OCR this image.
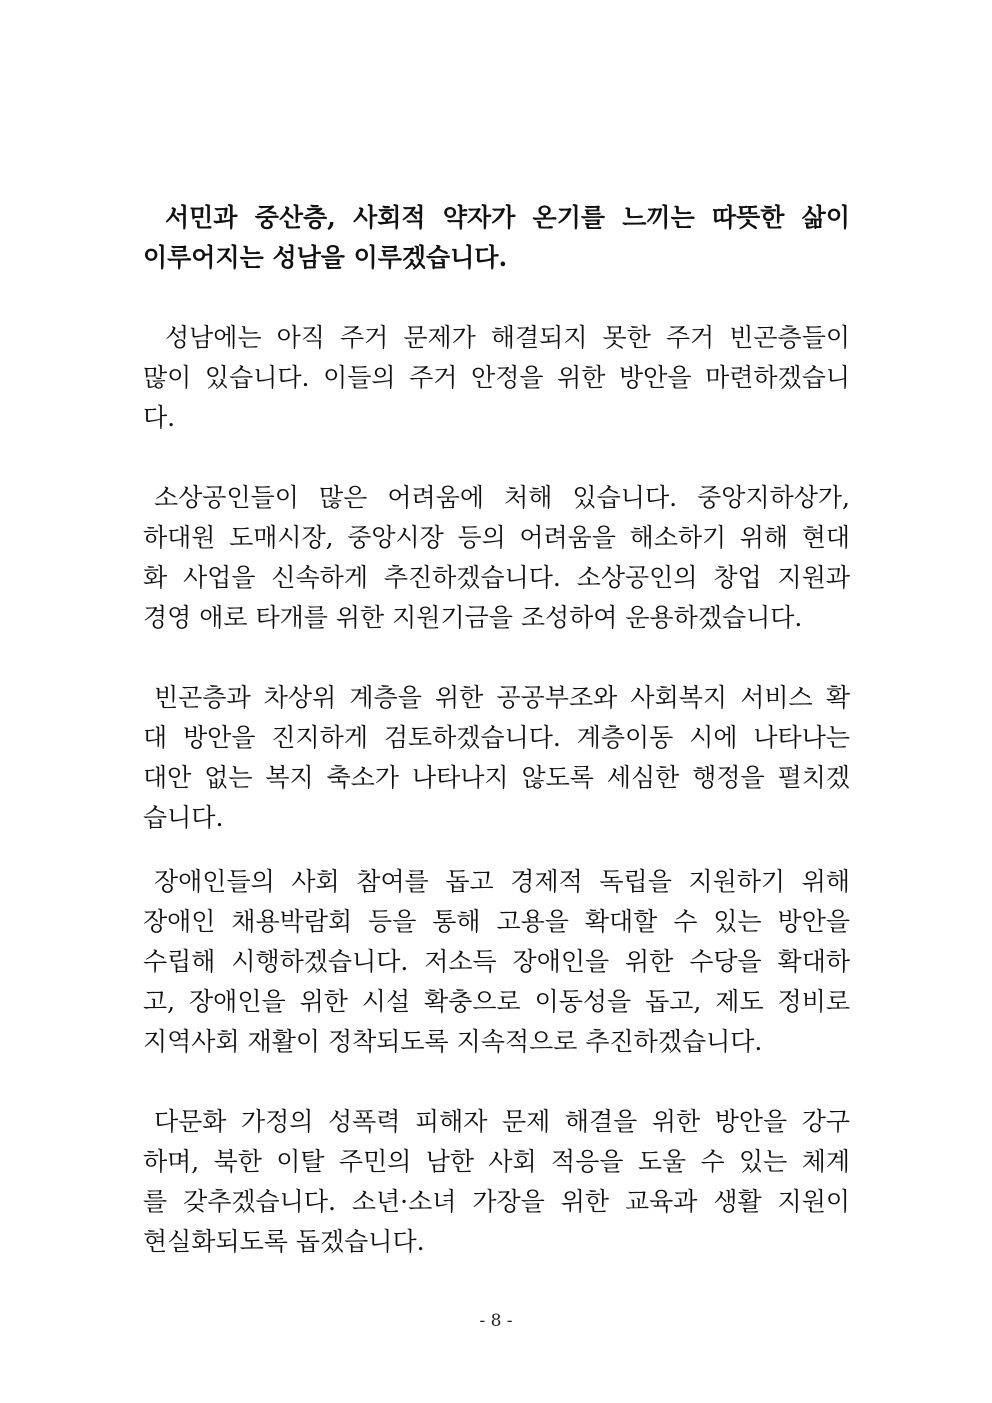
서민과 중산층, 사회적 약자가 온기를 느끼는 따뜻한 삶이
이루어지는 성남을 이루겠습니다.
성남에는 아직 주거 문제가 해결되지 못한 주거 빈곤층들이
많이 있습니다. 이들의 주거 안정을 위한 방안을 마련하겠습니
다.
소상공인들이 많은 어려움에 처해 있습니다. 중앙지하상가,
하대원 도매시장, 중앙시장 등의 어려움을 해소하기 위해 현대
화 사업을 신속하게 추진하겠습니다. 소상공인의 창업 지원과
경영 애로 타개를 위한 지원기금을 조성하여 운용하겠습니다.
빈곤층과 차상위 계층을 위한 공공부조와 사회복지 서비스 확
대 방안을 진지하게 검토하겠습니다. 계층이동 시에 나타나는
대안 없는 복지 축소가 나타나지 않도록 세심한 행정을 펼치겠
습니다.
장애인들의 사회 참여를 돕고 경제적 독립을 지원하기 위해
장애인 채용박람회 등을 통해 고용을 확대할 수 있는 방안을
수립해 시행하겠습니다. 저소득 장애인을 위한 수당을 확대하
고, 장애인을 위한 시설 확충으로 이동성을 돕고, 제도 정비로
지역사회 재활이 정착되도록 지속적으로 추진하겠습니다.
다문화 가정의 성폭력 피해자 문제 해결을 위한 방안을 강구
하며, 북한 이탈 주민의 남한 사회 적응을 도울 수 있는 체계
를 갖추겠습니다. 소년·소녀 가장을 위한 교육과 생활 지원이
현실화되도록 돕겠습니다.
- 8 -
